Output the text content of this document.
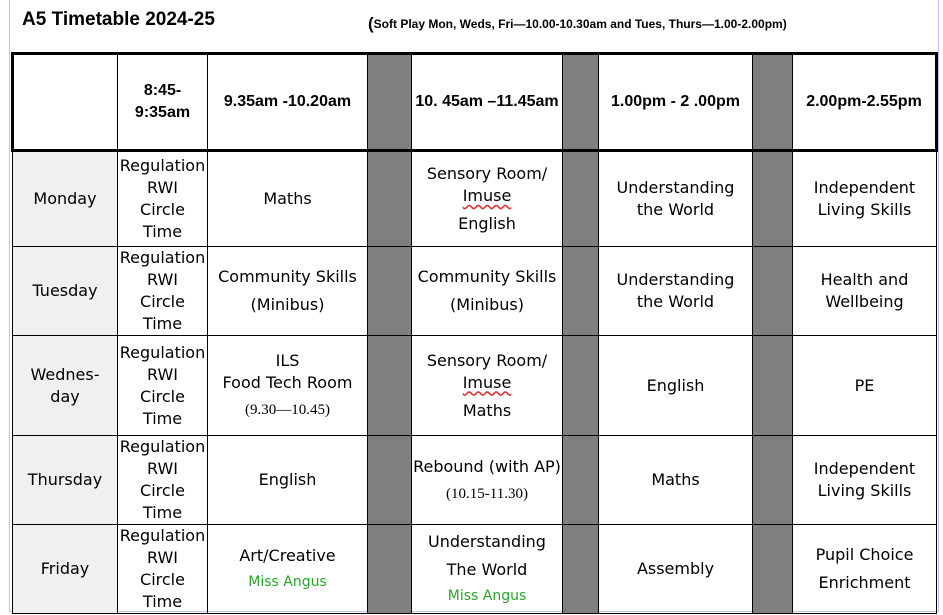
A5 Timetable 2024-25	(Soft Play Mon, Weds, Fri—10.00-10.30am and Tues, Thurs—1.00-2.00pm)
	8:45-9:35am	9.35am -10.20am		10. 45am –11.45am		1.00pm - 2 .00pm		2.00pm-2.55pm

Monday	Regulation
RWI
Circle Time	Maths		Sensory Room/
Imuse
English		Understanding
the World		Independent
Living Skills

Tuesday	Regulation
RWI
Circle Time	Community Skills
(Minibus)		Community Skills
(Minibus)		Understanding
the World		Health and
Wellbeing

Wednes-
day	Regulation
RWI
Circle Time	ILS
Food Tech Room
(9.30—10.45)		Sensory Room/
Imuse
Maths		English		PE

Thursday	Regulation
RWI
Circle Time	English		Rebound (with AP)
(10.15-11.30)		Maths		Independent
Living Skills

Friday	Regulation
RWI
Circle Time	Art/Creative
Miss Angus		Understanding
The World
Miss Angus		Assembly		Pupil Choice
Enrichment
